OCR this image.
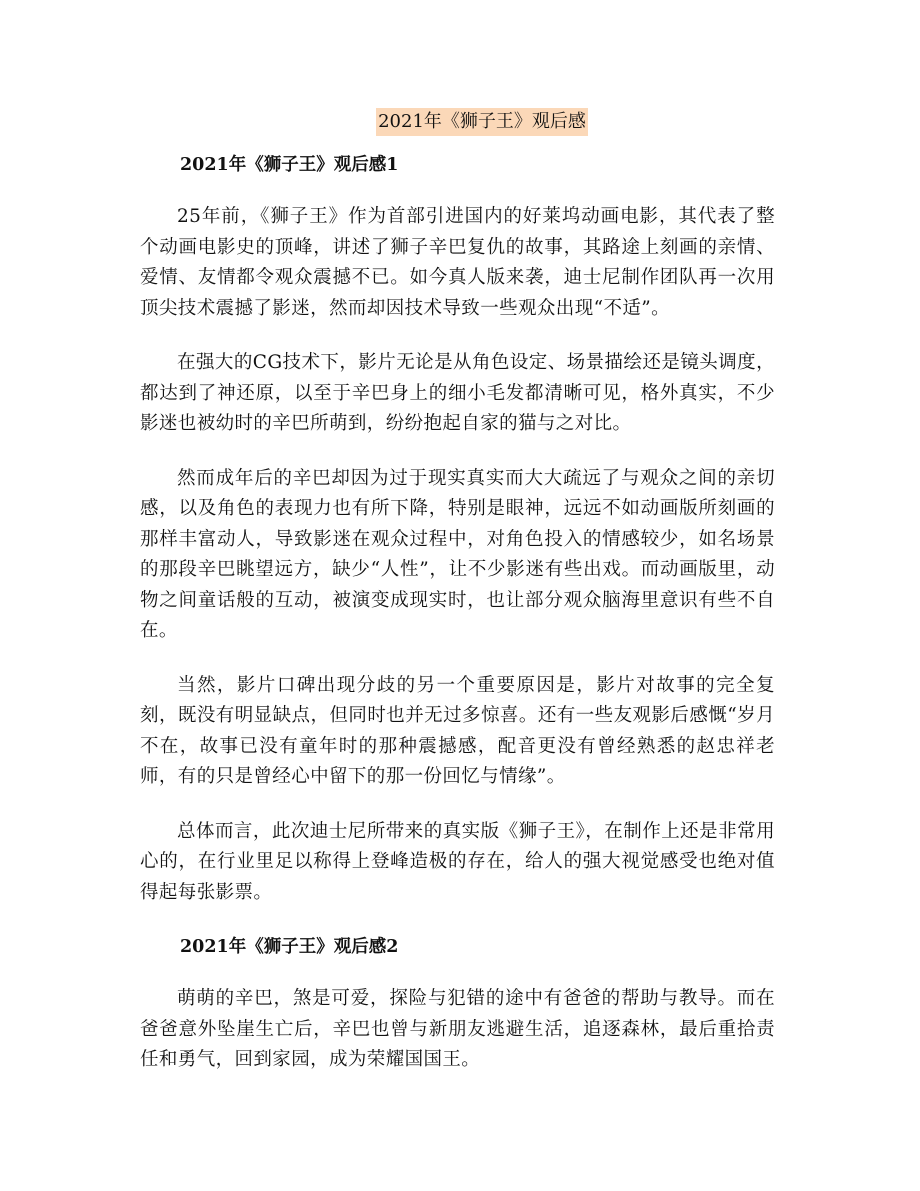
2021年《狮子王》观后感

2021年《狮子王》观后感1

25年前，《狮子王》作为首部引进国内的好莱坞动画电影，其代表了整个动画电影史的顶峰，讲述了狮子辛巴复仇的故事，其路途上刻画的亲情、爱情、友情都令观众震撼不已。如今真人版来袭，迪士尼制作团队再一次用顶尖技术震撼了影迷，然而却因技术导致一些观众出现“不适”。

在强大的CG技术下，影片无论是从角色设定、场景描绘还是镜头调度，都达到了神还原，以至于辛巴身上的细小毛发都清晰可见，格外真实，不少影迷也被幼时的辛巴所萌到，纷纷抱起自家的猫与之对比。

然而成年后的辛巴却因为过于现实真实而大大疏远了与观众之间的亲切感，以及角色的表现力也有所下降，特别是眼神，远远不如动画版所刻画的那样丰富动人，导致影迷在观众过程中，对角色投入的情感较少，如名场景的那段辛巴眺望远方，缺少“人性”，让不少影迷有些出戏。而动画版里，动物之间童话般的互动，被演变成现实时，也让部分观众脑海里意识有些不自在。

当然，影片口碑出现分歧的另一个重要原因是，影片对故事的完全复刻，既没有明显缺点，但同时也并无过多惊喜。还有一些友观影后感慨“岁月不在，故事已没有童年时的那种震撼感，配音更没有曾经熟悉的赵忠祥老师，有的只是曾经心中留下的那一份回忆与情缘”。

总体而言，此次迪士尼所带来的真实版《狮子王》，在制作上还是非常用心的，在行业里足以称得上登峰造极的存在，给人的强大视觉感受也绝对值得起每张影票。

2021年《狮子王》观后感2

萌萌的辛巴，煞是可爱，探险与犯错的途中有爸爸的帮助与教导。而在爸爸意外坠崖生亡后，辛巴也曾与新朋友逃避生活，追逐森林，最后重拾责任和勇气，回到家园，成为荣耀国国王。
